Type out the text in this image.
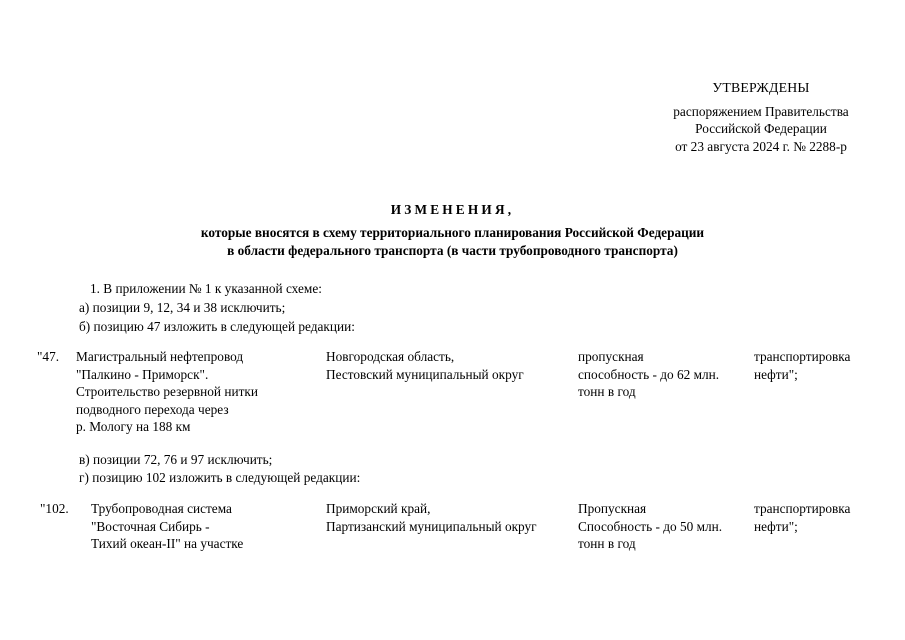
УТВЕРЖДЕНЫ
распоряжением Правительства
Российской Федерации
от 23 августа 2024 г. № 2288-р
ИЗМЕНЕНИЯ,
которые вносятся в схему территориального планирования Российской Федерации
в области федерального транспорта (в части трубопроводного транспорта)
1. В приложении № 1 к указанной схеме:
а) позиции 9, 12, 34 и 38 исключить;
б) позицию 47 изложить в следующей редакции:
"47. Магистральный нефтепровод
"Палкино - Приморск".
Строительство резервной нитки
подводного перехода через
р. Мологу на 188 км
Новгородская область,
Пестовский муниципальный округ
пропускная
способность - до 62 млн.
тонн в год
транспортировка
нефти";
в) позиции 72, 76 и 97 исключить;
г) позицию 102 изложить в следующей редакции:
"102. Трубопроводная система
"Восточная Сибирь -
Тихий океан-II" на участке
Приморский край,
Партизанский муниципальный округ
Пропускная
Способность - до 50 млн.
тонн в год
транспортировка
нефти";
